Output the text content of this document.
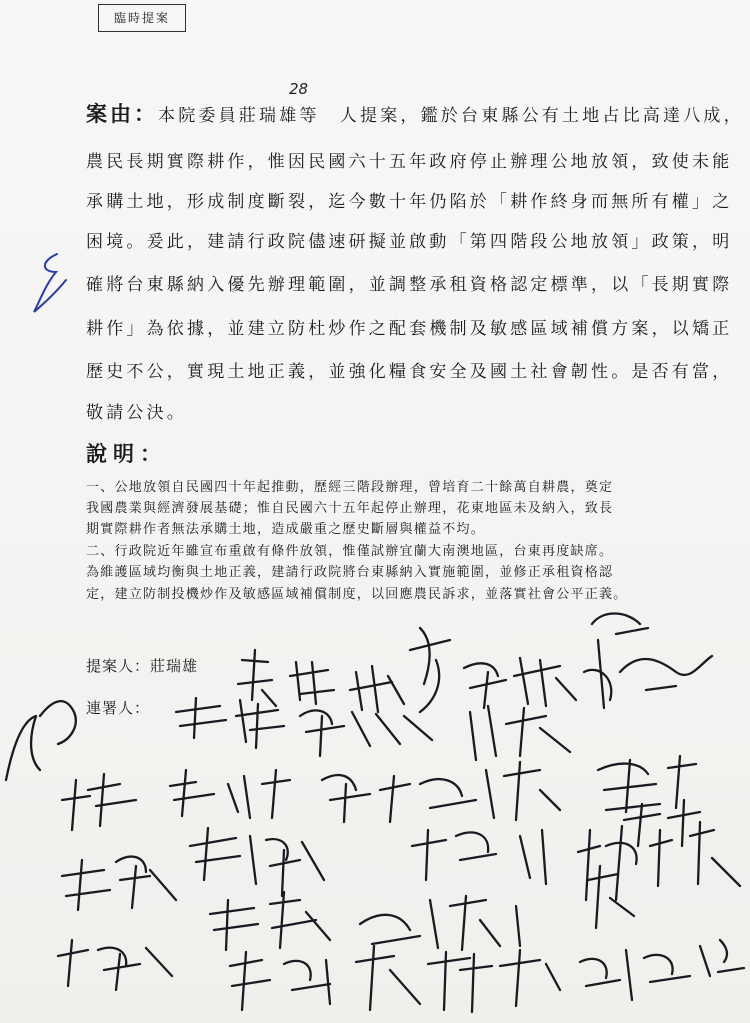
臨時提案
案由：本院委員莊瑞雄等　人提案，鑑於台東縣公有土地占比高達八成，
28
農民長期實際耕作，惟因民國六十五年政府停止辦理公地放領，致使未能
承購土地，形成制度斷裂，迄今數十年仍陷於「耕作終身而無所有權」之
困境。爰此，建請行政院儘速研擬並啟動「第四階段公地放領」政策，明
確將台東縣納入優先辦理範圍，並調整承租資格認定標準，以「長期實際
耕作」為依據，並建立防杜炒作之配套機制及敏感區域補償方案，以矯正
歷史不公，實現土地正義，並強化糧食安全及國土社會韌性。是否有當，
敬請公決。
說明：
一、公地放領自民國四十年起推動，歷經三階段辦理，曾培育二十餘萬自耕農，奠定
我國農業與經濟發展基礎；惟自民國六十五年起停止辦理，花東地區未及納入，致長
期實際耕作者無法承購土地，造成嚴重之歷史斷層與權益不均。
二、行政院近年雖宣布重啟有條件放領，惟僅試辦宜蘭大南澳地區，台東再度缺席。
為維護區域均衡與土地正義，建請行政院將台東縣納入實施範圍，並修正承租資格認
定，建立防制投機炒作及敏感區域補償制度，以回應農民訴求，並落實社會公平正義。
提案人：莊瑞雄
連署人：
